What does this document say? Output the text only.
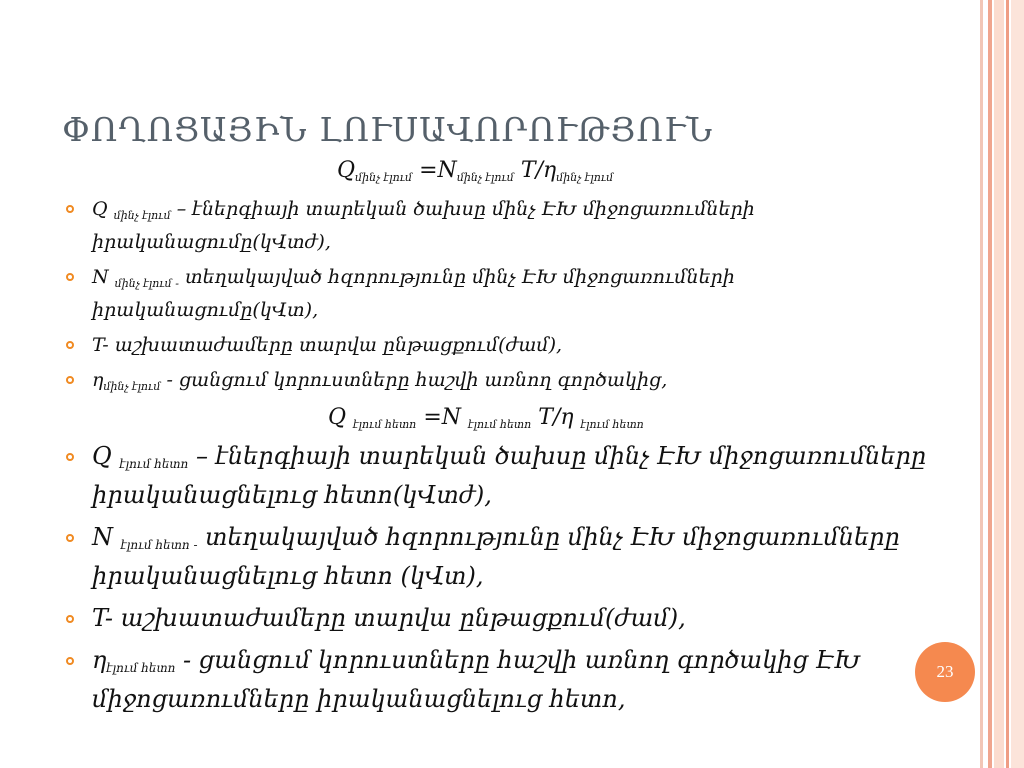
ՓՈՂՈՑԱՅԻՆ ԼՈՒՍԱՎՈՐՈՒԹՅՈՒՆ
$Q_{մինչ էլում} =N_{մինչ էլում}$ $T/\eta_{մինչ էլում}$
Q $_{մինչ էլում}$ – էներգիայի տարեկան ծախսը մինչ ԷԽ միջոցառումների իրականացումը(կՎտժ),
N $_{մինչ էլում -}$ տեղակայված հզորությունը մինչ ԷԽ միջոցառումների իրականացումը(կՎտ),
T- աշխատաժամերը տարվա ընթացքում(ժամ),
$\eta_{մինչ էլում}$ - ցանցում կորուստները հաշվի առնող գործակից,
Q $_{էլում հետո}$ =N $_{էլում հետո}$ T/η $_{էլում հետո}$
Q $_{էլում հետո}$ – էներգիայի տարեկան ծախսը մինչ ԷԽ միջոցառումները իրականացնելուց հետո(կՎտժ),
N $_{էլում հետո -}$ տեղակայված հզորությունը մինչ ԷԽ միջոցառումները իրականացնելուց հետո (կՎտ),
T- աշխատաժամերը տարվա ընթացքում(ժամ),
$\eta_{էլում հետո}$ - ցանցում կորուստները հաշվի առնող գործակից ԷԽ միջոցառումները իրականացնելուց հետո,
23
